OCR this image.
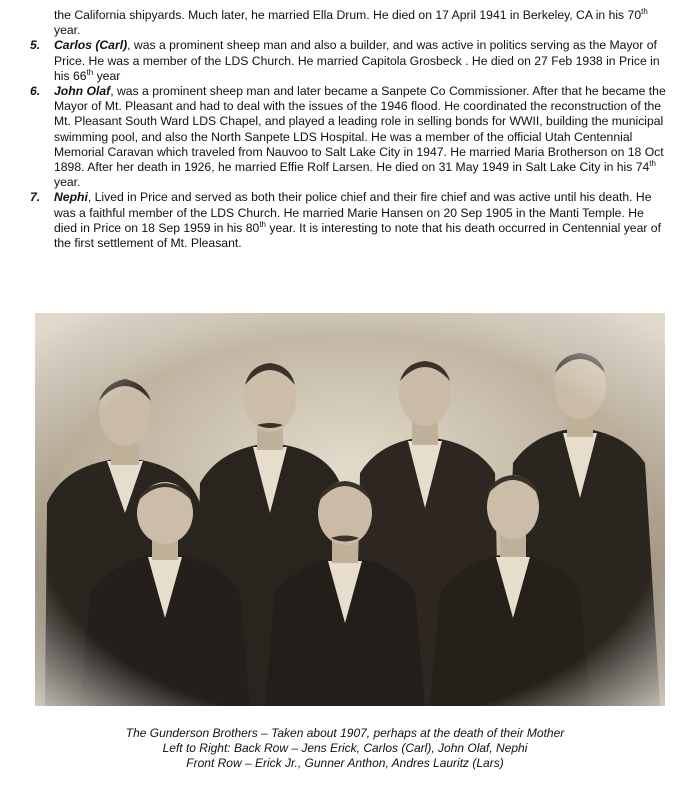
the California shipyards. Much later, he married Ella Drum. He died on 17 April 1941 in Berkeley, CA in his 70th year.

5. Carlos (Carl), was a prominent sheep man and also a builder, and was active in politics serving as the Mayor of Price. He was a member of the LDS Church. He married Capitola Grosbeck . He died on 27 Feb 1938 in Price in his 66th year

6. John Olaf, was a prominent sheep man and later became a Sanpete Co Commissioner. After that he became the Mayor of Mt. Pleasant and had to deal with the issues of the 1946 flood. He coordinated the reconstruction of the Mt. Pleasant South Ward LDS Chapel, and played a leading role in selling bonds for WWII, building the municipal swimming pool, and also the North Sanpete LDS Hospital. He was a member of the official Utah Centennial Memorial Caravan which traveled from Nauvoo to Salt Lake City in 1947. He married Maria Brotherson on 18 Oct 1898. After her death in 1926, he married Effie Rolf Larsen. He died on 31 May 1949 in Salt Lake City in his 74th year.

7. Nephi, Lived in Price and served as both their police chief and their fire chief and was active until his death. He was a faithful member of the LDS Church. He married Marie Hansen on 20 Sep 1905 in the Manti Temple. He died in Price on 18 Sep 1959 in his 80th year. It is interesting to note that his death occurred in Centennial year of the first settlement of Mt. Pleasant.

The Gunderson Brothers – Taken about 1907, perhaps at the death of their Mother
Left to Right: Back Row – Jens Erick, Carlos (Carl), John Olaf, Nephi
Front Row – Erick Jr., Gunner Anthon, Andres Lauritz (Lars)
